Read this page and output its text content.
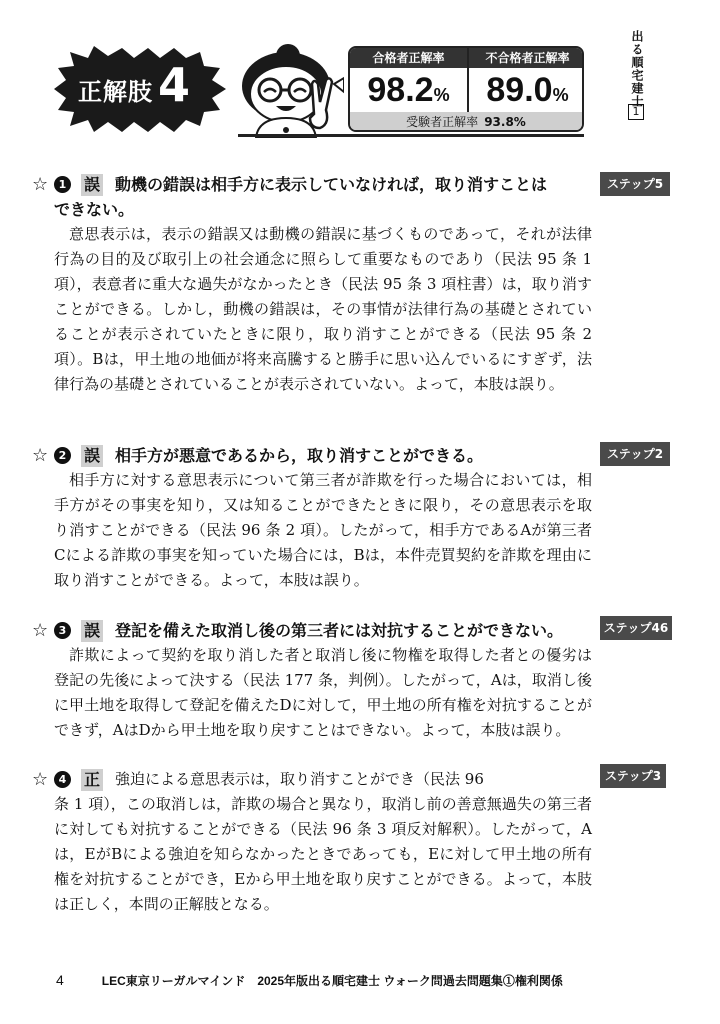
正解肢 4	合格者正解率	不合格者正解率
98.2%	89.0%
受験者正解率 93.8%
出る順宅建士
1
☆ 1 誤 動機の錯誤は相手方に表示していなければ，取り消すことは
できない。
意思表示は，表示の錯誤又は動機の錯誤に基づくものであって，それが法律行為の目的及び取引上の社会通念に照らして重要なものであり（民法 95 条 1 項），表意者に重大な過失がなかったとき（民法 95 条 3 項柱書）は，取り消すことができる。しかし，動機の錯誤は，その事情が法律行為の基礎とされていることが表示されていたときに限り，取り消すことができる（民法 95 条 2 項）。Bは，甲土地の地価が将来高騰すると勝手に思い込んでいるにすぎず，法律行為の基礎とされていることが表示されていない。よって，本肢は誤り。
ステップ5
☆ 2 誤 相手方が悪意であるから，取り消すことができる。
相手方に対する意思表示について第三者が詐欺を行った場合においては，相手方がその事実を知り，又は知ることができたときに限り，その意思表示を取り消すことができる（民法 96 条 2 項）。したがって，相手方であるAが第三者Cによる詐欺の事実を知っていた場合には，Bは，本件売買契約を詐欺を理由に取り消すことができる。よって，本肢は誤り。
ステップ2
☆ 3 誤 登記を備えた取消し後の第三者には対抗することができない。
詐欺によって契約を取り消した者と取消し後に物権を取得した者との優劣は登記の先後によって決する（民法 177 条，判例）。したがって，Aは，取消し後に甲土地を取得して登記を備えたDに対して，甲土地の所有権を対抗することができず，AはDから甲土地を取り戻すことはできない。よって，本肢は誤り。
ステップ46
☆ 4 正 強迫による意思表示は，取り消すことができ（民法 96
条 1 項），この取消しは，詐欺の場合と異なり，取消し前の善意無過失の第三者に対しても対抗することができる（民法 96 条 3 項反対解釈）。したがって，Aは，EがBによる強迫を知らなかったときであっても，Eに対して甲土地の所有権を対抗することができ，Eから甲土地を取り戻すことができる。よって，本肢は正しく，本問の正解肢となる。
ステップ3
4	LEC東京リーガルマインド　2025年版出る順宅建士 ウォーク問過去問題集①権利関係
